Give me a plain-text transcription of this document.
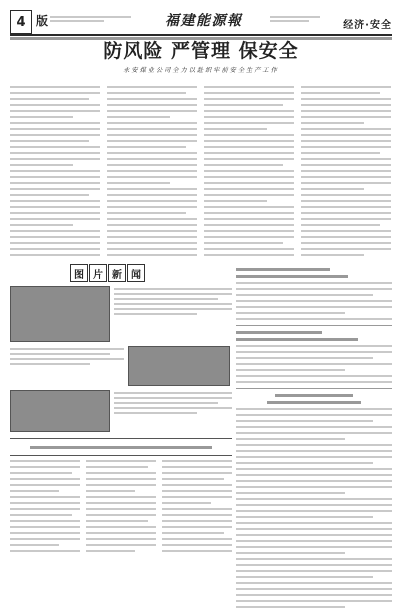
4 版	福建能源報	经济·安全
防风险 严管理 保安全
永安煤业公司全力以赴织牢前安全生产工作
图 片 新 闻
